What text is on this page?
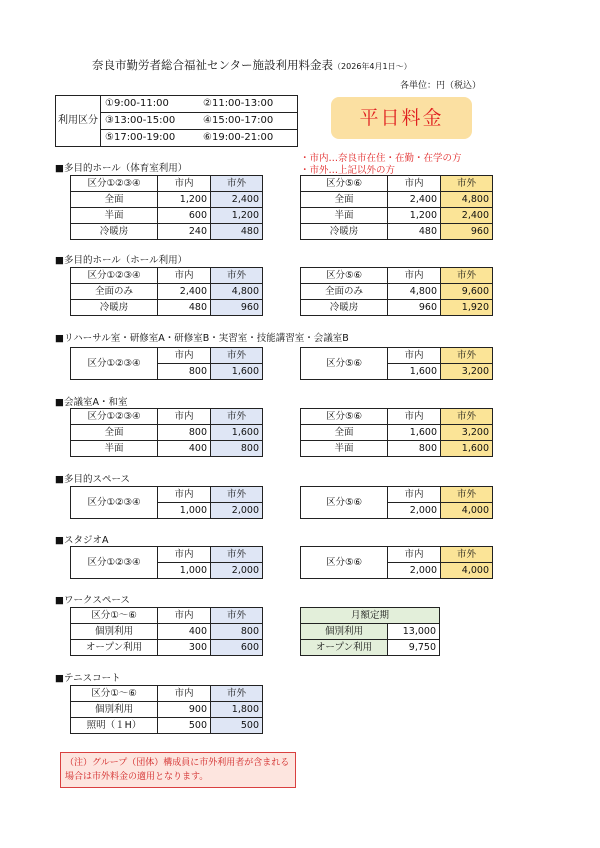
奈良市勤労者総合福祉センター施設利用料金表（2026年4月1日～）
各単位：円（税込）
利用区分	①9:00-11:00	②11:00-13:00
	③13:00-15:00	④15:00-17:00
	⑤17:00-19:00	⑥19:00-21:00
平日料金
・市内…奈良市在住・在勤・在学の方
・市外…上記以外の方
■多目的ホール（体育室利用）
区分①②③④	市内	市外
全面	1,200	2,400
半面	600	1,200
冷暖房	240	480
区分⑤⑥	市内	市外
全面	2,400	4,800
半面	1,200	2,400
冷暖房	480	960
■多目的ホール（ホール利用）
区分①②③④	市内	市外
全面のみ	2,400	4,800
冷暖房	480	960
区分⑤⑥	市内	市外
全面のみ	4,800	9,600
冷暖房	960	1,920
■リハーサル室・研修室A・研修室B・実習室・技能講習室・会議室B
区分①②③④	市内	市外
	800	1,600
区分⑤⑥	市内	市外
	1,600	3,200
■会議室A・和室
区分①②③④	市内	市外
全面	800	1,600
半面	400	800
区分⑤⑥	市内	市外
全面	1,600	3,200
半面	800	1,600
■多目的スペース
区分①②③④	市内	市外
	1,000	2,000
区分⑤⑥	市内	市外
	2,000	4,000
■スタジオA
区分①②③④	市内	市外
	1,000	2,000
区分⑤⑥	市内	市外
	2,000	4,000
■ワークスペース
区分①～⑥	市内	市外
個別利用	400	800
オープン利用	300	600
月額定期	
個別利用	13,000
オープン利用	9,750
■テニスコート
区分①～⑥	市内	市外
個別利用	900	1,800
照明（１H）	500	500
（注）グループ（団体）構成員に市外利用者が含まれる場合は市外料金の適用となります。
